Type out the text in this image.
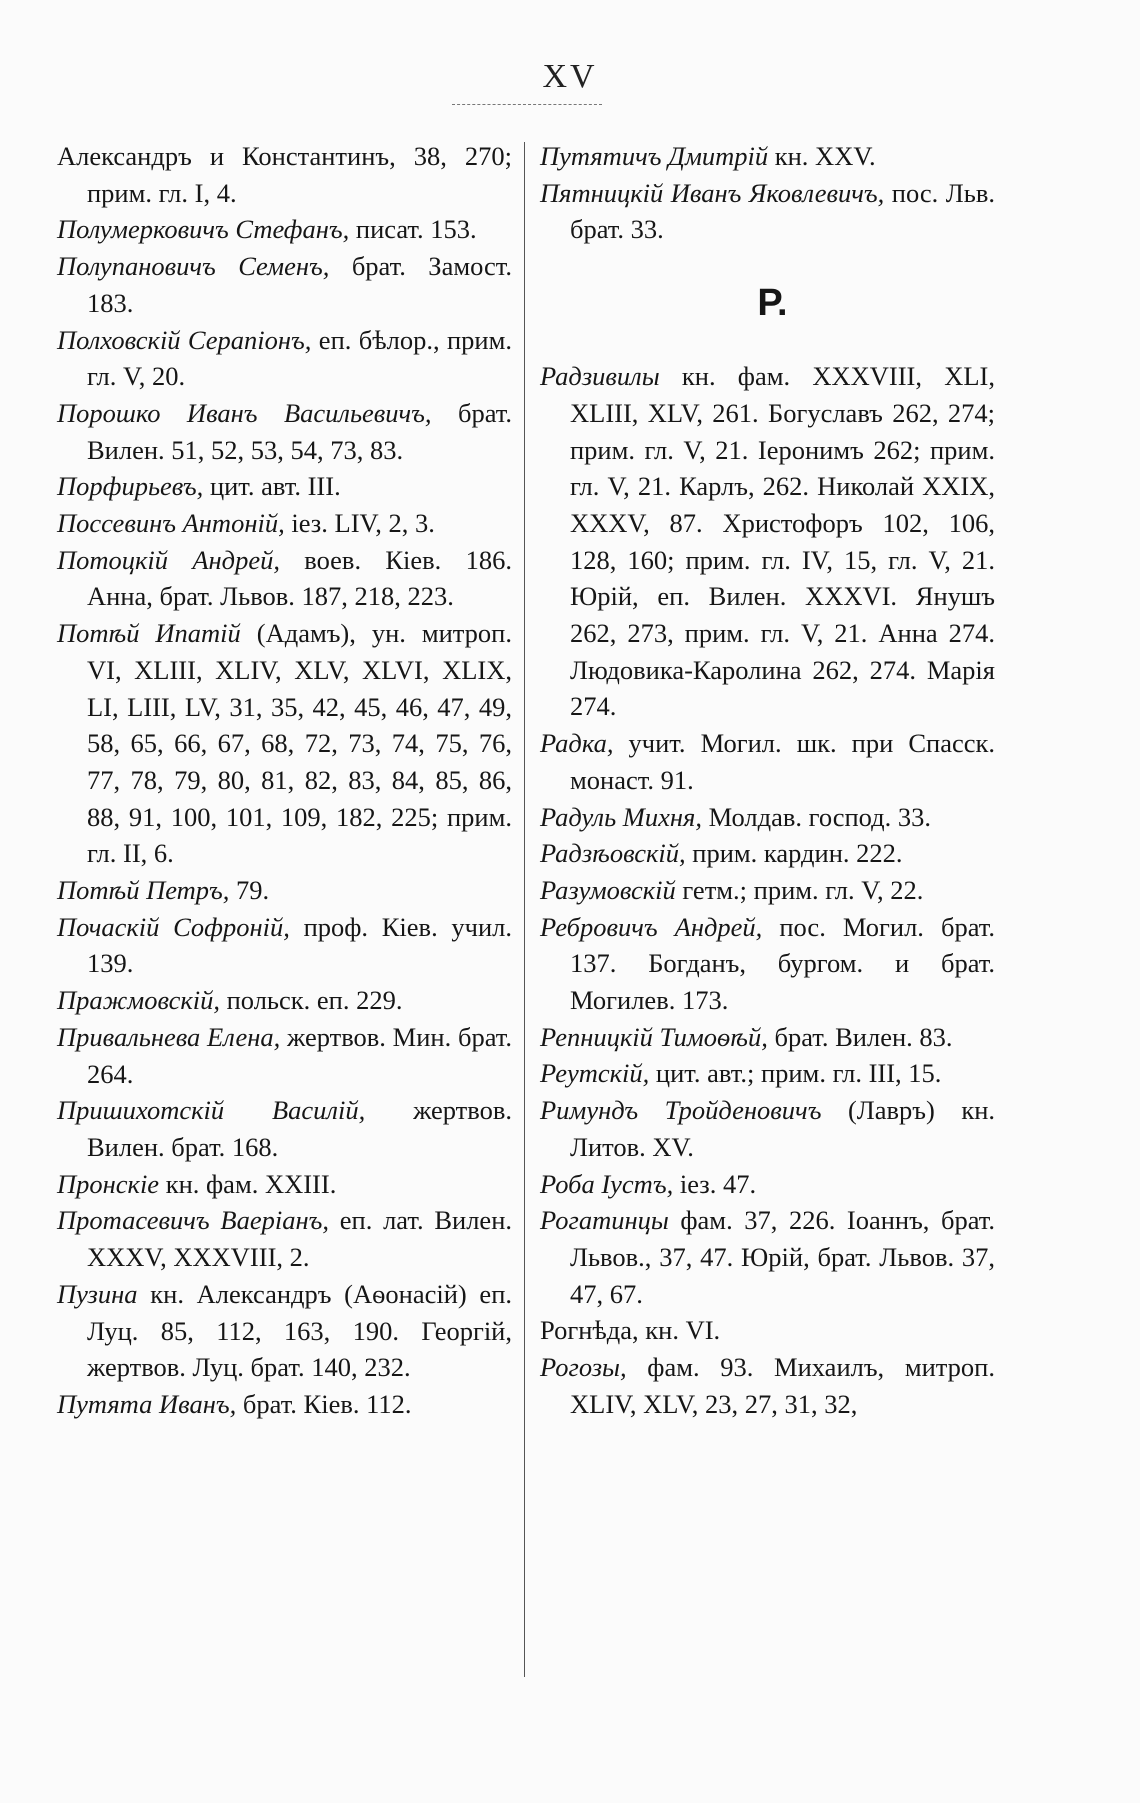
XV

Александръ и Константинъ, 38, 270; прим. гл. I, 4.

Полумерковичъ Стефанъ, писат. 153.

Полупановичъ Семенъ, брат. Замост. 183.

Полховскій Серапіонъ, еп. бѣлор., прим. гл. V, 20.

Порошко Иванъ Васильевичъ, брат. Вилен. 51, 52, 53, 54, 73, 83.

Порфирьевъ, цит. авт. III.

Поссевинъ Антоній, іез. LIV, 2, 3.

Потоцкій Андрей, воев. Кіев. 186. Анна, брат. Львов. 187, 218, 223.

Потѣй Ипатій (Адамъ), ун. митроп. VI, XLIII, XLIV, XLV, XLVI, XLIX, LI, LIII, LV, 31, 35, 42, 45, 46, 47, 49, 58, 65, 66, 67, 68, 72, 73, 74, 75, 76, 77, 78, 79, 80, 81, 82, 83, 84, 85, 86, 88, 91, 100, 101, 109, 182, 225; прим. гл. II, 6.

Потѣй Петръ, 79.

Почаскій Софроній, проф. Кіев. учил. 139.

Пражмовскій, польск. еп. 229.

Привальнева Елена, жертвов. Мин. брат. 264.

Пришихотскій Василій, жертвов. Вилен. брат. 168.

Пронскіе кн. фам. XXIII.

Протасевичъ Ваеріанъ, еп. лат. Вилен. XXXV, XXXVIII, 2.

Пузина кн. Александръ (Аѳонасій) еп. Луц. 85, 112, 163, 190. Георгій, жертвов. Луц. брат. 140, 232.

Путята Иванъ, брат. Кіев. 112.

Путятичъ Дмитрій кн. XXV.

Пятницкій Иванъ Яковлевичъ, пос. Льв. брат. 33.

Р.

Радзивилы кн. фам. XXXVIII, XLI, XLIII, XLV, 261. Богуславъ 262, 274; прим. гл. V, 21. Іеронимъ 262; прим. гл. V, 21. Карлъ, 262. Николай XXIX, XXXV, 87. Христофоръ 102, 106, 128, 160; прим. гл. IV, 15, гл. V, 21. Юрій, еп. Вилен. XXXVI. Янушъ 262, 273, прим. гл. V, 21. Анна 274. Людовика-Каролина 262, 274. Марія 274.

Радка, учит. Могил. шк. при Спасск. монаст. 91.

Радуль Михня, Молдав. господ. 33.

Радзѣовскій, прим. кардин. 222.

Разумовскій гетм.; прим. гл. V, 22.

Ребровичъ Андрей, пос. Могил. брат. 137. Богданъ, бургом. и брат. Могилев. 173.

Репницкій Тимоѳѣй, брат. Вилен. 83.

Реутскій, цит. авт.; прим. гл. III, 15.

Римундъ Тройденовичъ (Лавръ) кн. Литов. XV.

Роба Іустъ, іез. 47.

Рогатинцы фам. 37, 226. Іоаннъ, брат. Львов., 37, 47. Юрій, брат. Львов. 37, 47, 67.

Рогнѣда, кн. VI.

Рогозы, фам. 93. Михаилъ, митроп. XLIV, XLV, 23, 27, 31, 32,
